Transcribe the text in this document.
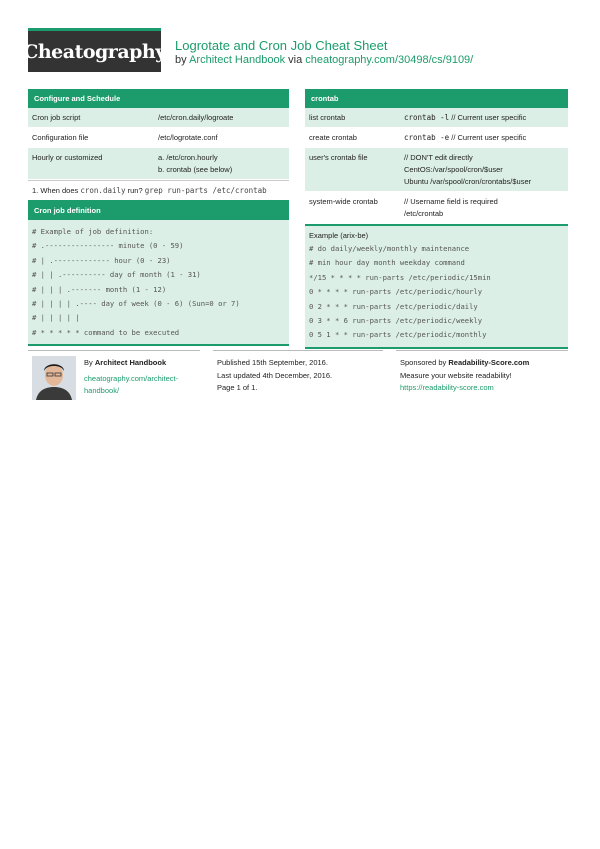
Cheatography Logrotate and Cron Job Cheat Sheet
by Architect Handbook via cheatography.com/30498/cs/9109/
Configure and Schedule
Cron job script	/etc/cron.daily/logroate
Configuration file	/etc/logrotate.conf
Hourly or customized	a. /etc/cron.hourly
b. crontab (see below)
1. When does cron.daily run? grep run-parts /etc/crontab
Cron job definition
# Example of job definition:
# .---------------- minute (0 - 59)
# | .------------- hour (0 - 23)
# | | .---------- day of month (1 - 31)
# | | | .------- month (1 - 12)
# | | | | .---- day of week (0 - 6) (Sun=0 or 7)
# | | | | |
# * * * * * command to be executed
crontab
list crontab	crontab -l // Current user specific
create crontab	crontab -e // Current user specific
user's crontab file	// DON'T edit directly
CentOS:/var/spool/cron/$user
Ubuntu /var/spool/cron/crontabs/$user

system-wide crontab	// Username field is required
/etc/crontab
Example (arix-be)
# do daily/weekly/monthly maintenance
# min hour day month weekday command
*/15 * * * * run-parts /etc/periodic/15min
0 * * * * run-parts /etc/periodic/hourly
0 2 * * * run-parts /etc/periodic/daily
0 3 * * 6 run-parts /etc/periodic/weekly
0 5 1 * * run-parts /etc/periodic/monthly
By Architect Handbook
cheatography.com/architect-
handbook/
Published 15th September, 2016.
Last updated 4th December, 2016.
Page 1 of 1.
Sponsored by Readability-Score.com
Measure your website readability!
https://readability-score.com
